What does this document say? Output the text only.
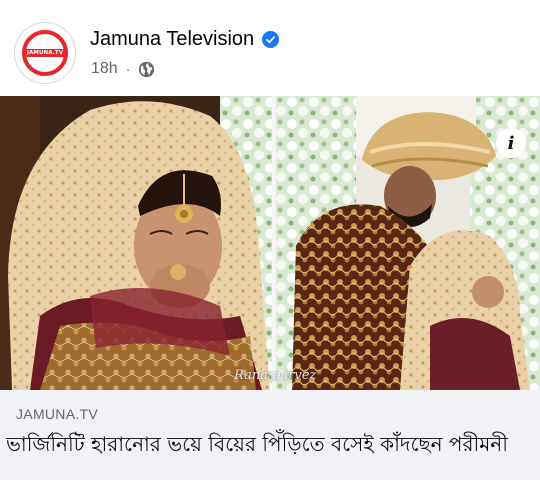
JAMUNA.TV
Jamuna Television
18h ·
i
Rana parvez
JAMUNA.TV
ভার্জিনিটি হারানোর ভয়ে বিয়ের পিঁড়িতে বসেই কাঁদছেন পরীমনী
